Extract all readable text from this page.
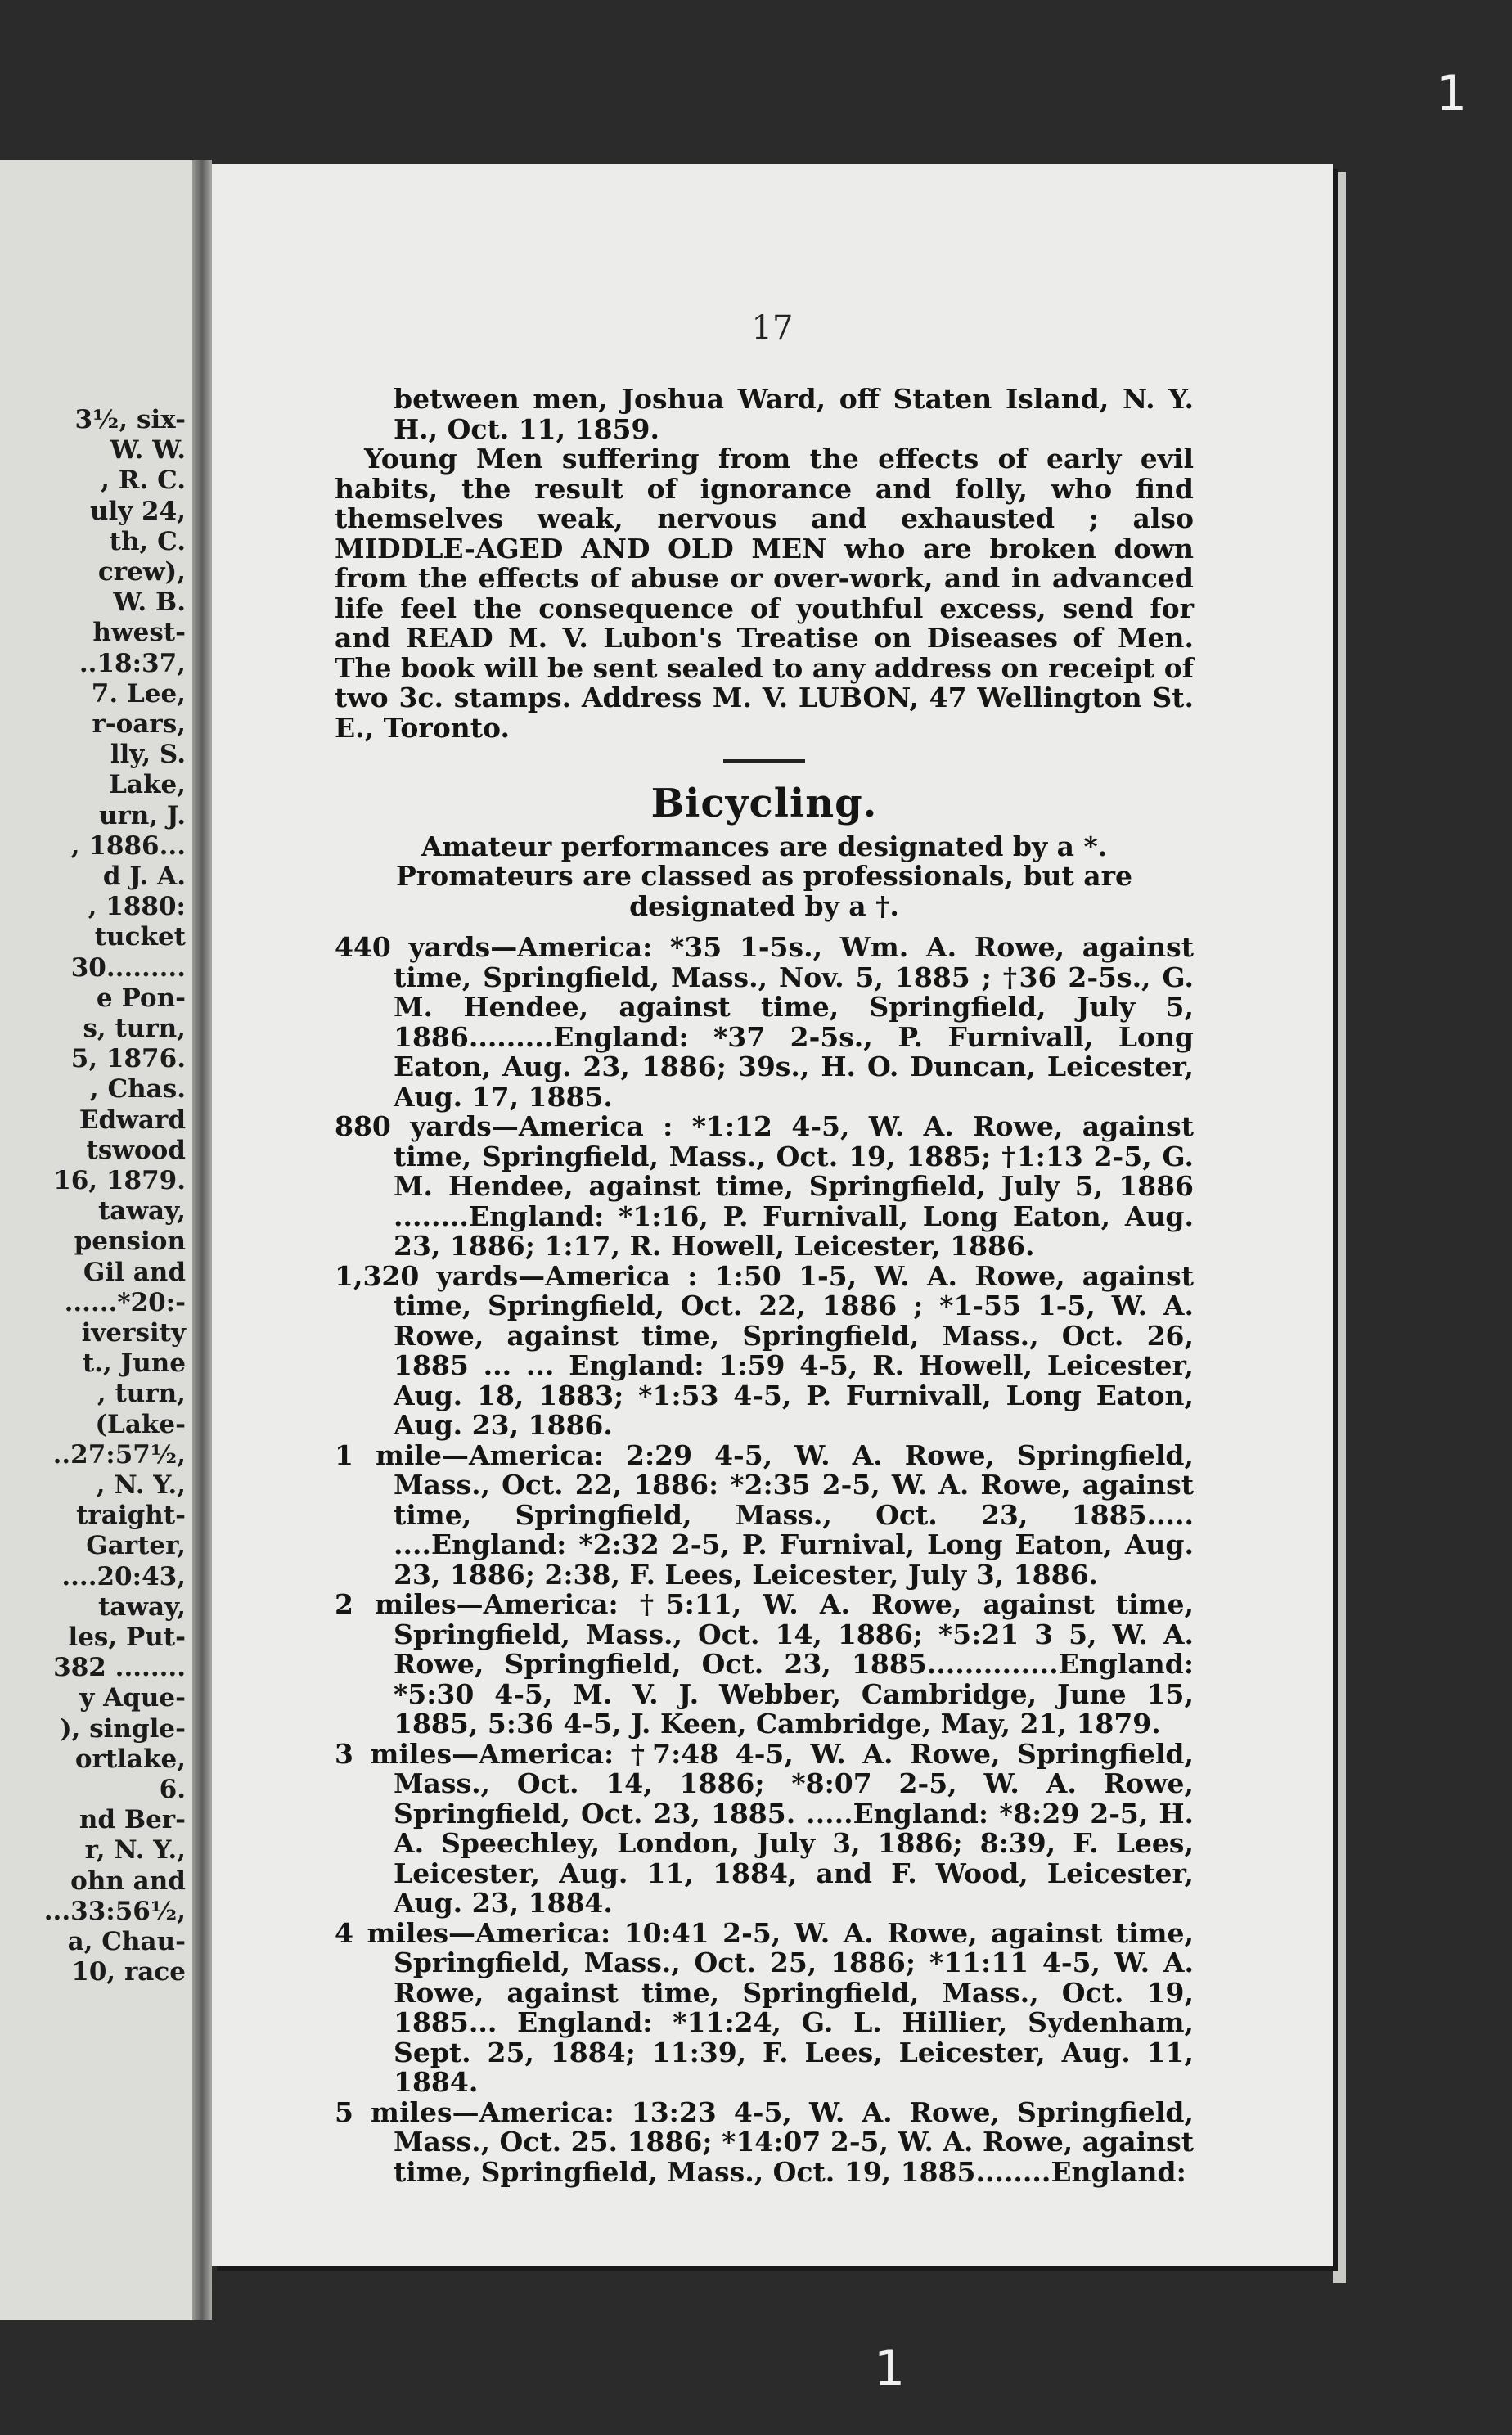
3½, six-
W. W.
, R. C.
uly 24,
th, C.
crew),
W. B.
hwest-
..18:37,
7. Lee,
r-oars,
lly, S.
Lake,
urn, J.
, 1886...
d J. A.
, 1880:
tucket
30.........
e Pon-
s, turn,
5, 1876.
, Chas.
Edward
tswood
16, 1879.
taway,
pension
Gil and
......*20:-
iversity
t., June
, turn,
(Lake-
..27:57½,
, N. Y.,
traight-
Garter,
....20:43,
taway,
les, Put-
382 ........
y Aque-
), single-
ortlake,
6.
nd Ber-
r, N. Y.,
ohn and
...33:56½,
a, Chau-
10, race
17

between men, Joshua Ward, off Staten Island, N. Y. H., Oct. 11, 1859.

Young Men suffering from the effects of early evil habits, the result of ignorance and folly, who find themselves weak, nervous and exhausted ; also MIDDLE-AGED AND OLD MEN who are broken down from the effects of abuse or over-work, and in advanced life feel the consequence of youthful excess, send for and READ M. V. Lubon's Treatise on Diseases of Men. The book will be sent sealed to any address on receipt of two 3c. stamps. Address M. V. LUBON, 47 Wellington St. E., Toronto.

Bicycling.

Amateur performances are designated by a *. Promateurs are classed as professionals, but are designated by a †.

440 yards—America: *35 1-5s., Wm. A. Rowe, against time, Springfield, Mass., Nov. 5, 1885 ; †36 2-5s., G. M. Hendee, against time, Springfield, July 5, 1886.........England: *37 2-5s., P. Furnivall, Long Eaton, Aug. 23, 1886; 39s., H. O. Duncan, Leicester, Aug. 17, 1885.

880 yards—America : *1:12 4-5, W. A. Rowe, against time, Springfield, Mass., Oct. 19, 1885; †1:13 2-5, G. M. Hendee, against time, Springfield, July 5, 1886 ........England: *1:16, P. Furnivall, Long Eaton, Aug. 23, 1886; 1:17, R. Howell, Leicester, 1886.

1,320 yards—America : 1:50 1-5, W. A. Rowe, against time, Springfield, Oct. 22, 1886 ; *1-55 1-5, W. A. Rowe, against time, Springfield, Mass., Oct. 26, 1885 ... ... England: 1:59 4-5, R. Howell, Leicester, Aug. 18, 1883; *1:53 4-5, P. Furnivall, Long Eaton, Aug. 23, 1886.

1 mile—America: 2:29 4-5, W. A. Rowe, Springfield, Mass., Oct. 22, 1886: *2:35 2-5, W. A. Rowe, against time, Springfield, Mass., Oct. 23, 1885..... ....England: *2:32 2-5, P. Furnival, Long Eaton, Aug. 23, 1886; 2:38, F. Lees, Leicester, July 3, 1886.

2 miles—America: †5:11, W. A. Rowe, against time, Springfield, Mass., Oct. 14, 1886; *5:21 3 5, W. A. Rowe, Springfield, Oct. 23, 1885..............England: *5:30 4-5, M. V. J. Webber, Cambridge, June 15, 1885, 5:36 4-5, J. Keen, Cambridge, May, 21, 1879.

3 miles—America: †7:48 4-5, W. A. Rowe, Springfield, Mass., Oct. 14, 1886; *8:07 2-5, W. A. Rowe, Springfield, Oct. 23, 1885. .....England: *8:29 2-5, H. A. Speechley, London, July 3, 1886; 8:39, F. Lees, Leicester, Aug. 11, 1884, and F. Wood, Leicester, Aug. 23, 1884.

4 miles—America: 10:41 2-5, W. A. Rowe, against time, Springfield, Mass., Oct. 25, 1886; *11:11 4-5, W. A. Rowe, against time, Springfield, Mass., Oct. 19, 1885... England: *11:24, G. L. Hillier, Sydenham, Sept. 25, 1884; 11:39, F. Lees, Leicester, Aug. 11, 1884.

5 miles—America: 13:23 4-5, W. A. Rowe, Springfield, Mass., Oct. 25. 1886; *14:07 2-5, W. A. Rowe, against time, Springfield, Mass., Oct. 19, 1885........England:

1
1
